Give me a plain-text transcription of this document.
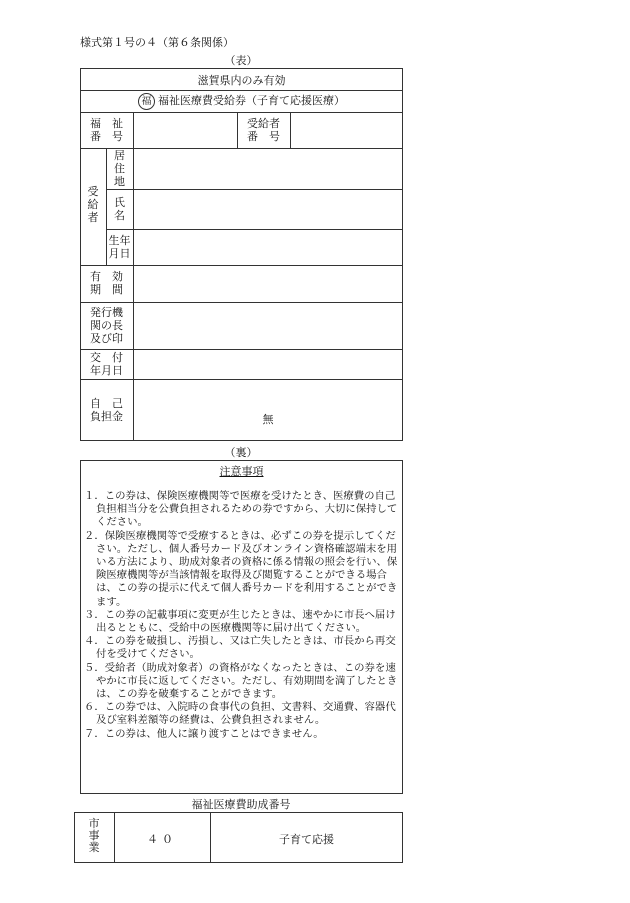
様式第１号の４（第６条関係）
（表）
滋賀県内のみ有効
福 福祉医療費受給券（子育て応援医療）
福　祉
番　号
受給者
番　号
受
給
者
居
住
地
氏
名
生年
月日
有　効
期　間
発行機
関の長
及び印
交　付
年月日
自　己
負担金	無
（裏）
注意事項
１．この券は、保険医療機関等で医療を受けたとき、医療費の自己負担相当分を公費負担されるための券ですから、大切に保持してください。
２．保険医療機関等で受療するときは、必ずこの券を提示してください。ただし、個人番号カード及びオンライン資格確認端末を用いる方法により、助成対象者の資格に係る情報の照会を行い、保険医療機関等が当該情報を取得及び閲覧することができる場合は、この券の提示に代えて個人番号カードを利用することができます。
３．この券の記載事項に変更が生じたときは、速やかに市長へ届け出るとともに、受給中の医療機関等に届け出てください。
４．この券を破損し、汚損し、又は亡失したときは、市長から再交付を受けてください。
５．受給者（助成対象者）の資格がなくなったときは、この券を速やかに市長に返してください。ただし、有効期間を満了したときは、この券を破棄することができます。
６．この券では、入院時の食事代の負担、文書料、交通費、容器代及び室料差額等の経費は、公費負担されません。
７．この券は、他人に譲り渡すことはできません。
福祉医療費助成番号
市
事
業
４０	子育て応援
